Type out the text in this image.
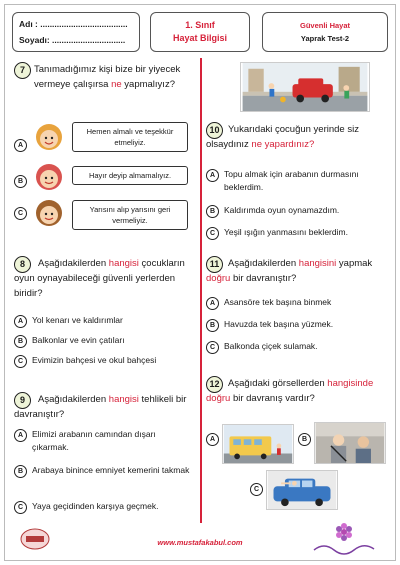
Adı : .....................................
Soyadı: ...............................
1. Sınıf
Hayat Bilgisi
Güvenli Hayat
Yaprak Test-2
7 Tanımadığımız kişi bize bir yiyecek vermeye çalışırsa ne yapmalıyız?
A
Hemen almalı ve teşekkür etmeliyiz.
B
Hayır deyip almamalıyız.
C	Yarısını alıp yarısını geri vermeliyiz.
8	Aşağıdakilerden hangisi çocukların oyun oynayabileceği güvenli yerlerden biridir?
A	Yol kenarı ve kaldırımlar
B	Balkonlar ve evin çatıları
C	Evimizin bahçesi ve okul bahçesi
9	Aşağıdakilerden hangisi tehlikeli bir davranıştır?
A	Elimizi arabanın camından dışarı çıkarmak.
B	Arabaya binince emniyet kemerini takmak
C	Yaya geçidinden karşıya geçmek.
10 Yukarıdaki çocuğun yerinde siz olsaydınız ne yapardınız?
A	Topu almak için arabanın durmasını beklerdim.
B	Kaldırımda oyun oynamazdım.
C	Yeşil ışığın yanmasını beklerdim.
11 Aşağıdakilerden hangisini yapmak doğru bir davranıştır?
A	Asansöre tek başına binmek
B	Havuzda tek başına yüzmek.
C	Balkonda çiçek sulamak.
12 Aşağıdaki görsellerden hangisinde doğru bir davranış vardır?
A	B
C
www.mustafakabul.com
